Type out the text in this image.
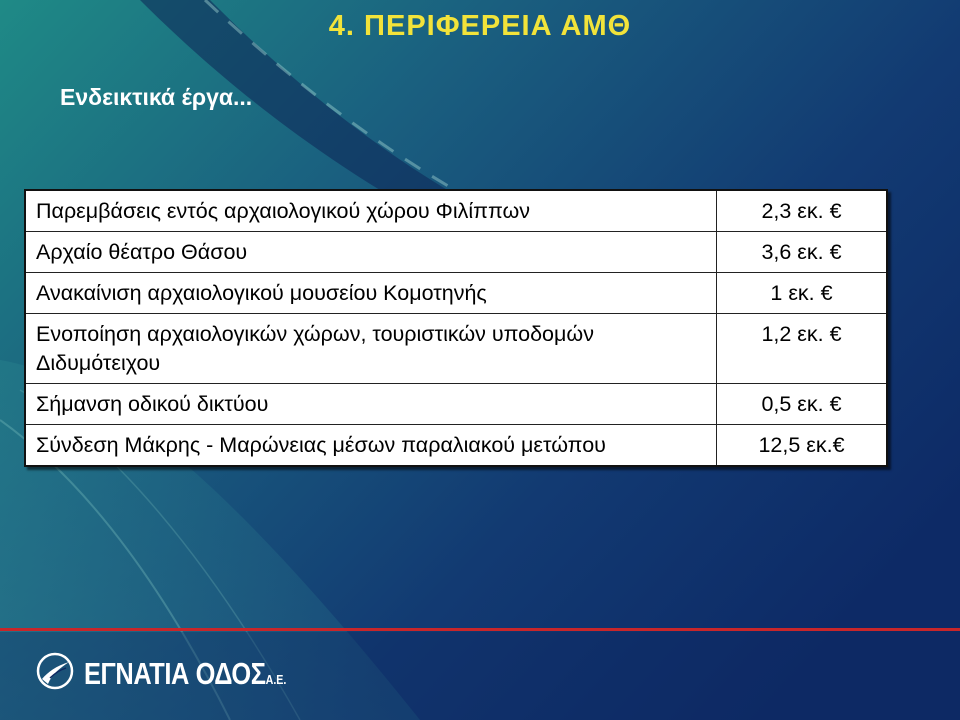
4. ΠΕΡΙΦΕΡΕΙΑ ΑΜΘ
Ενδεικτικά έργα...
Παρεμβάσεις εντός αρχαιολογικού χώρου Φιλίππων	2,3 εκ. €
Αρχαίο θέατρο Θάσου	3,6 εκ. €
Ανακαίνιση αρχαιολογικού μουσείου Κομοτηνής	1 εκ. €
Ενοποίηση αρχαιολογικών χώρων, τουριστικών υποδομών Διδυμότειχου	1,2 εκ. €
Σήμανση οδικού δικτύου	0,5 εκ. €
Σύνδεση Μάκρης - Μαρώνειας μέσων παραλιακού μετώπου	12,5 εκ.€
ΕΓΝΑΤΙΑ ΟΔΟΣΑ.Ε.
